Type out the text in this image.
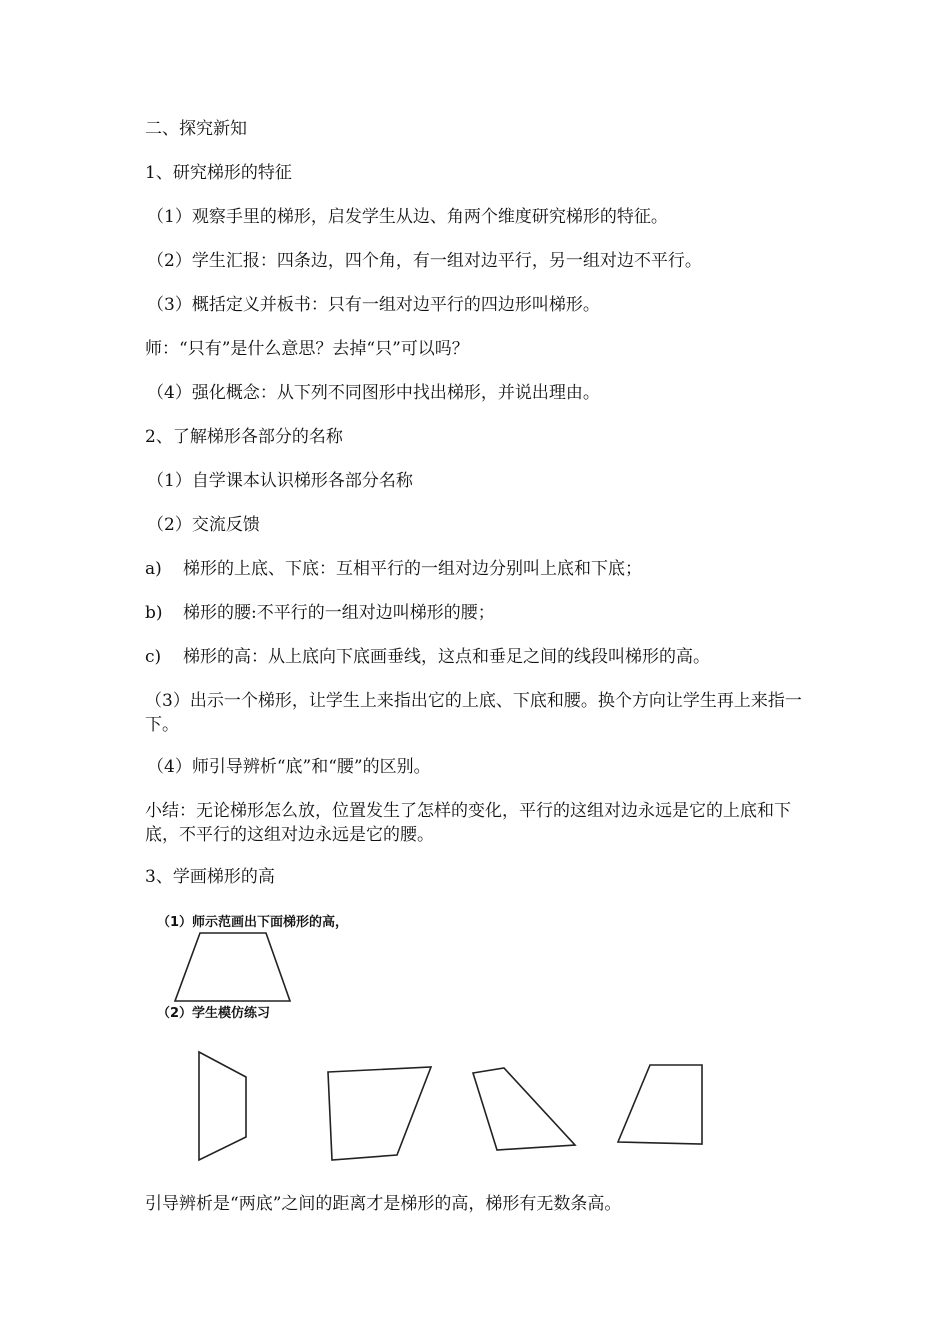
二、探究新知
1、研究梯形的特征
（1）观察手里的梯形，启发学生从边、角两个维度研究梯形的特征。
（2）学生汇报：四条边，四个角，有一组对边平行，另一组对边不平行。
（3）概括定义并板书：只有一组对边平行的四边形叫梯形。
师：“只有”是什么意思？去掉“只”可以吗？
（4）强化概念：从下列不同图形中找出梯形，并说出理由。
2、了解梯形各部分的名称
（1）自学课本认识梯形各部分名称
（2）交流反馈
a) 梯形的上底、下底：互相平行的一组对边分别叫上底和下底；
b) 梯形的腰:不平行的一组对边叫梯形的腰；
c) 梯形的高：从上底向下底画垂线，这点和垂足之间的线段叫梯形的高。
（3）出示一个梯形，让学生上来指出它的上底、下底和腰。换个方向让学生再上来指一下。
（4）师引导辨析“底”和“腰”的区别。
小结：无论梯形怎么放，位置发生了怎样的变化，平行的这组对边永远是它的上底和下底，不平行的这组对边永远是它的腰。
3、学画梯形的高
（1）师示范画出下面梯形的高，
（2）学生模仿练习
引导辨析是“两底”之间的距离才是梯形的高，梯形有无数条高。
